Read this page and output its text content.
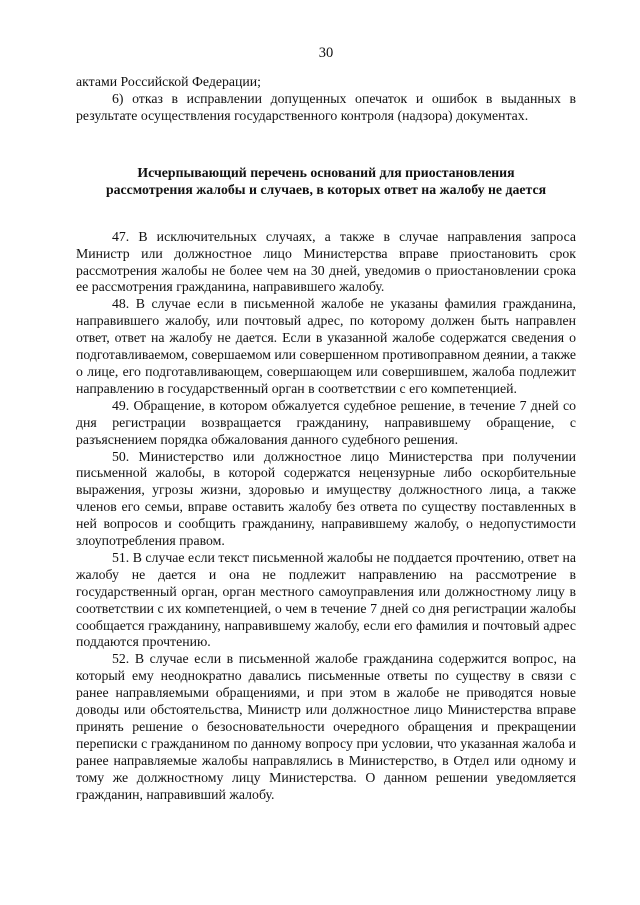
30

актами Российской Федерации;

6) отказ в исправлении допущенных опечаток и ошибок в выданных в результате осуществления государственного контроля (надзора) документах.

Исчерпывающий перечень оснований для приостановления
рассмотрения жалобы и случаев, в которых ответ на жалобу не дается

47. В исключительных случаях, а также в случае направления запроса Министр или должностное лицо Министерства вправе приостановить срок рассмотрения жалобы не более чем на 30 дней, уведомив о приостановлении срока ее рассмотрения гражданина, направившего жалобу.

48. В случае если в письменной жалобе не указаны фамилия гражданина, направившего жалобу, или почтовый адрес, по которому должен быть направлен ответ, ответ на жалобу не дается. Если в указанной жалобе содержатся сведения о подготавливаемом, совершаемом или совершенном противоправном деянии, а также о лице, его подготавливающем, совершающем или совершившем, жалоба подлежит направлению в государственный орган в соответствии с его компетенцией.

49. Обращение, в котором обжалуется судебное решение, в течение 7 дней со дня регистрации возвращается гражданину, направившему обращение, с разъяснением порядка обжалования данного судебного решения.

50. Министерство или должностное лицо Министерства при получении письменной жалобы, в которой содержатся нецензурные либо оскорбительные выражения, угрозы жизни, здоровью и имуществу должностного лица, а также членов его семьи, вправе оставить жалобу без ответа по существу поставленных в ней вопросов и сообщить гражданину, направившему жалобу, о недопустимости злоупотребления правом.

51. В случае если текст письменной жалобы не поддается прочтению, ответ на жалобу не дается и она не подлежит направлению на рассмотрение в государственный орган, орган местного самоуправления или должностному лицу в соответствии с их компетенцией, о чем в течение 7 дней со дня регистрации жалобы сообщается гражданину, направившему жалобу, если его фамилия и почтовый адрес поддаются прочтению.

52. В случае если в письменной жалобе гражданина содержится вопрос, на который ему неоднократно давались письменные ответы по существу в связи с ранее направляемыми обращениями, и при этом в жалобе не приводятся новые доводы или обстоятельства, Министр или должностное лицо Министерства вправе принять решение о безосновательности очередного обращения и прекращении переписки с гражданином по данному вопросу при условии, что указанная жалоба и ранее направляемые жалобы направлялись в Министерство, в Отдел или одному и тому же должностному лицу Министерства. О данном решении уведомляется гражданин, направивший жалобу.
